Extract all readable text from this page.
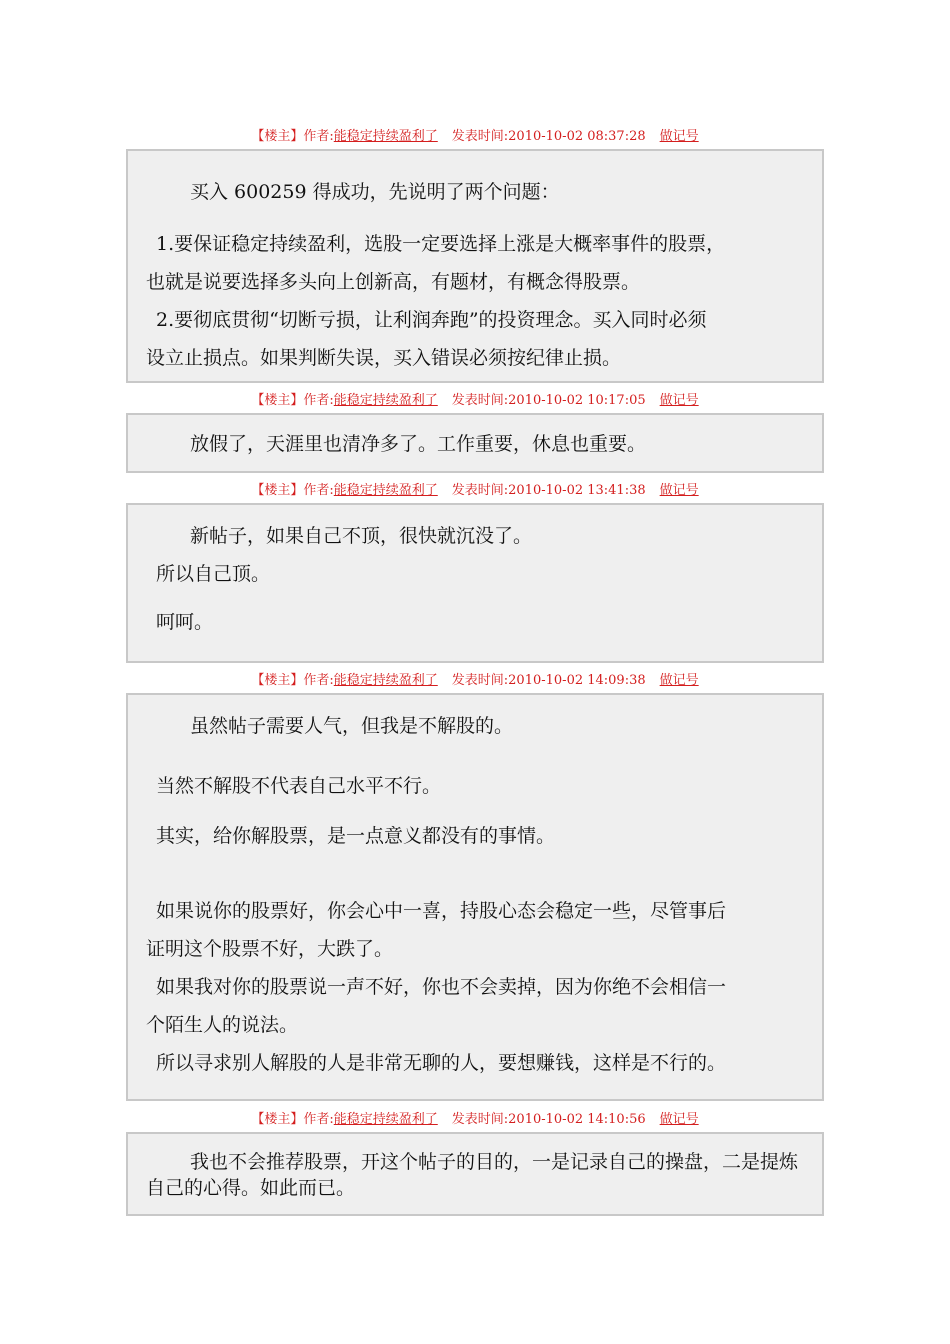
【楼主】作者:能稳定持续盈利了 发表时间:2010-10-02 08:37:28 做记号

买入 600259 得成功，先说明了两个问题：

1.要保证稳定持续盈利，选股一定要选择上涨是大概率事件的股票，

也就是说要选择多头向上创新高，有题材，有概念得股票。

2.要彻底贯彻“切断亏损，让利润奔跑”的投资理念。买入同时必须

设立止损点。如果判断失误，买入错误必须按纪律止损。

【楼主】作者:能稳定持续盈利了 发表时间:2010-10-02 10:17:05 做记号

放假了，天涯里也清净多了。工作重要，休息也重要。

【楼主】作者:能稳定持续盈利了 发表时间:2010-10-02 13:41:38 做记号

新帖子，如果自己不顶，很快就沉没了。

所以自己顶。

呵呵。

【楼主】作者:能稳定持续盈利了 发表时间:2010-10-02 14:09:38 做记号

虽然帖子需要人气，但我是不解股的。

当然不解股不代表自己水平不行。

其实，给你解股票，是一点意义都没有的事情。

如果说你的股票好，你会心中一喜，持股心态会稳定一些，尽管事后

证明这个股票不好，大跌了。

如果我对你的股票说一声不好，你也不会卖掉，因为你绝不会相信一

个陌生人的说法。

所以寻求别人解股的人是非常无聊的人，要想赚钱，这样是不行的。

【楼主】作者:能稳定持续盈利了 发表时间:2010-10-02 14:10:56 做记号

我也不会推荐股票，开这个帖子的目的，一是记录自己的操盘，二是提炼自己的心得。如此而已。
